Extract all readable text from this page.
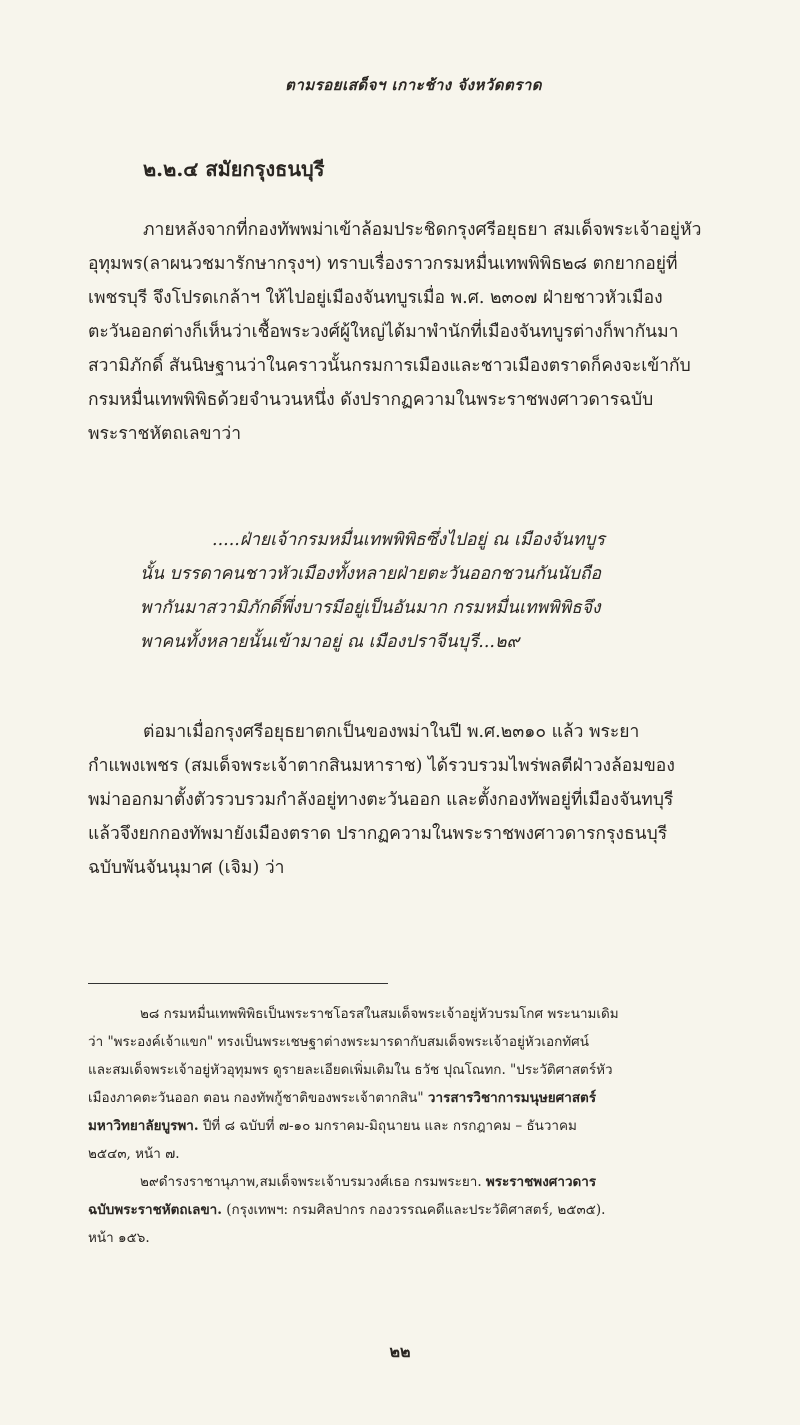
ตามรอยเสด็จฯ เกาะช้าง จังหวัดตราด
๒.๒.๔ สมัยกรุงธนบุรี
ภายหลังจากที่กองทัพพม่าเข้าล้อมประชิดกรุงศรีอยุธยา สมเด็จพระเจ้าอยู่หัว
อุทุมพร(ลาผนวชมารักษากรุงฯ) ทราบเรื่องราวกรมหมื่นเทพพิพิธ๒๘ ตกยากอยู่ที่
เพชรบุรี จึงโปรดเกล้าฯ ให้ไปอยู่เมืองจันทบูรเมื่อ พ.ศ. ๒๓๐๗ ฝ่ายชาวหัวเมือง
ตะวันออกต่างก็เห็นว่าเชื้อพระวงศ์ผู้ใหญ่ได้มาพำนักที่เมืองจันทบูรต่างก็พากันมา
สวามิภักดิ์ สันนิษฐานว่าในคราวนั้นกรมการเมืองและชาวเมืองตราดก็คงจะเข้ากับ
กรมหมื่นเทพพิพิธด้วยจำนวนหนึ่ง ดังปรากฏความในพระราชพงศาวดารฉบับ
พระราชหัตถเลขาว่า
.....ฝ่ายเจ้ากรมหมื่นเทพพิพิธซึ่งไปอยู่ ณ เมืองจันทบูร
นั้น บรรดาคนชาวหัวเมืองทั้งหลายฝ่ายตะวันออกชวนกันนับถือ
พากันมาสวามิภักดิ์พึ่งบารมีอยู่เป็นอันมาก กรมหมื่นเทพพิพิธจึง
พาคนทั้งหลายนั้นเข้ามาอยู่ ณ เมืองปราจีนบุรี...๒๙
ต่อมาเมื่อกรุงศรีอยุธยาตกเป็นของพม่าในปี พ.ศ.๒๓๑๐ แล้ว พระยา
กำแพงเพชร (สมเด็จพระเจ้าตากสินมหาราช) ได้รวบรวมไพร่พลตีฝ่าวงล้อมของ
พม่าออกมาตั้งตัวรวบรวมกำลังอยู่ทางตะวันออก และตั้งกองทัพอยู่ที่เมืองจันทบุรี
แล้วจึงยกกองทัพมายังเมืองตราด ปรากฏความในพระราชพงศาวดารกรุงธนบุรี
ฉบับพันจันนุมาศ (เจิม) ว่า
๒๘ กรมหมื่นเทพพิพิธเป็นพระราชโอรสในสมเด็จพระเจ้าอยู่หัวบรมโกศ พระนามเดิม
ว่า "พระองค์เจ้าแขก" ทรงเป็นพระเชษฐาต่างพระมารดากับสมเด็จพระเจ้าอยู่หัวเอกทัศน์
และสมเด็จพระเจ้าอยู่หัวอุทุมพร ดูรายละเอียดเพิ่มเติมใน ธวัช ปุณโณทก. "ประวัติศาสตร์หัว
เมืองภาคตะวันออก ตอน กองทัพกู้ชาติของพระเจ้าตากสิน" วารสารวิชาการมนุษยศาสตร์
มหาวิทยาลัยบูรพา. ปีที่ ๘ ฉบับที่ ๗-๑๐ มกราคม-มิถุนายน และ กรกฎาคม – ธันวาคม
๒๕๔๓, หน้า ๗.
๒๙ดำรงราชานุภาพ,สมเด็จพระเจ้าบรมวงศ์เธอ กรมพระยา. พระราชพงศาวดาร
ฉบับพระราชหัตถเลขา. (กรุงเทพฯ: กรมศิลปากร กองวรรณคดีและประวัติศาสตร์, ๒๕๓๕).
หน้า ๑๕๖.
๒๒
